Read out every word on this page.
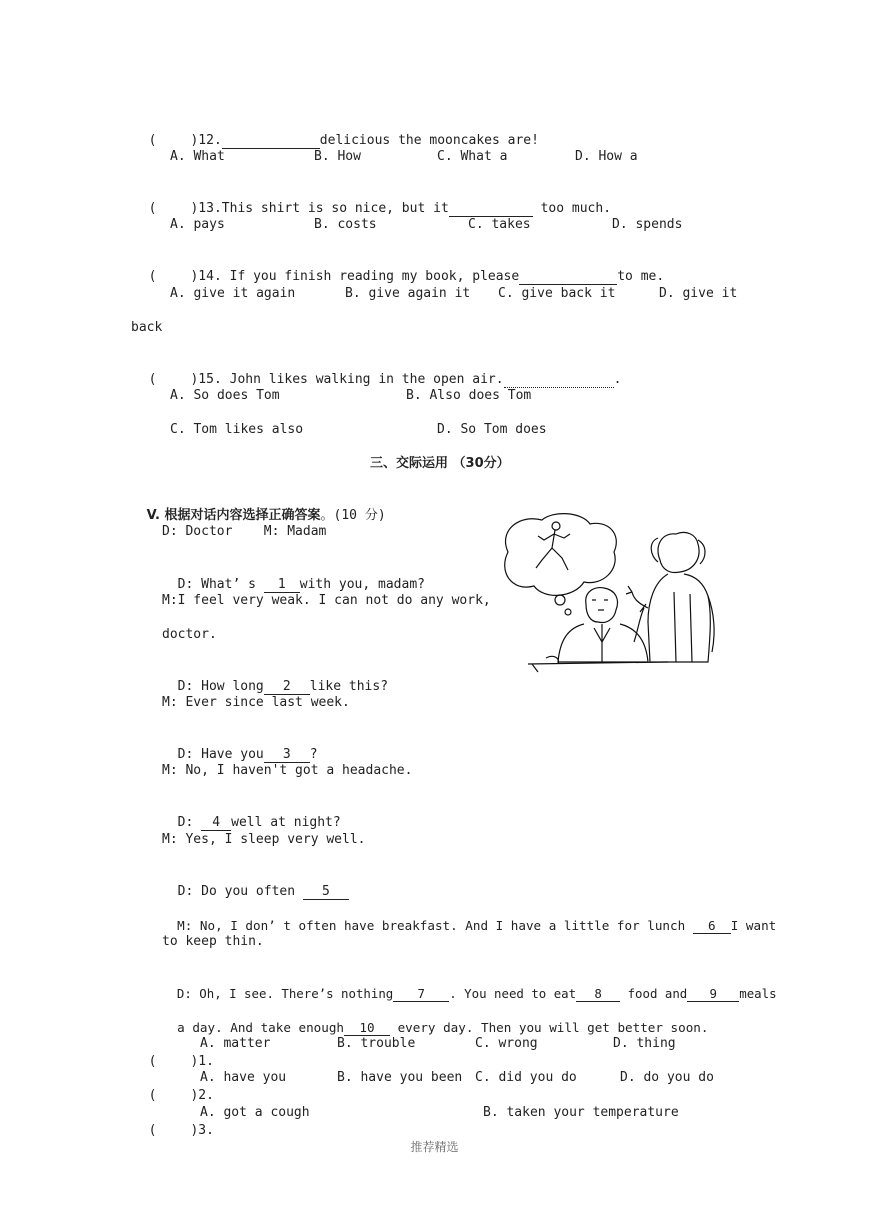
(	)12.	delicious the mooncakes are!

A. What	B. How	C. What a	D. How a

(	)13.This shirt is so nice, but it	too much.

A. pays	B. costs	C. takes	D. spends

(	)14. If you finish reading my book, please	to me.

A. give it again	B. give again it C. give back it	D. give it
back

(	)15. John likes walking in the open air.	.

A. So does Tom	B. Also does Tom
C. Tom likes also	D. So Tom does
三、交际运用 （30分）

V. 根据对话内容选择正确答案。(10 分)

D: Doctor    M: Madam

D: What’ s 1 with you, madam?

M:I feel very weak. I can not do any work,
doctor.

D: How long 2 like this?

M: Ever since last week.

D: Have you 3 ?

M: No, I haven't got a headache.

D: 4 well at night?

M: Yes, I sleep very well.

D: Do you often 5

M: No, I don’ t often have breakfast. And I have a little for lunch 6 I want

to keep thin.

D: Oh, I see. There’s nothing 7 . You need to eat 8 food and 9 meals

a day. And take enough 10 every day. Then you will get better soon.

(	)1.

A. matter	B. trouble	C. wrong	D. thing

(	)2.

A. have you	B. have you been C. did you do	D. do you do

(	)3.

A. got a cough	B. taken your temperature
推荐精选
